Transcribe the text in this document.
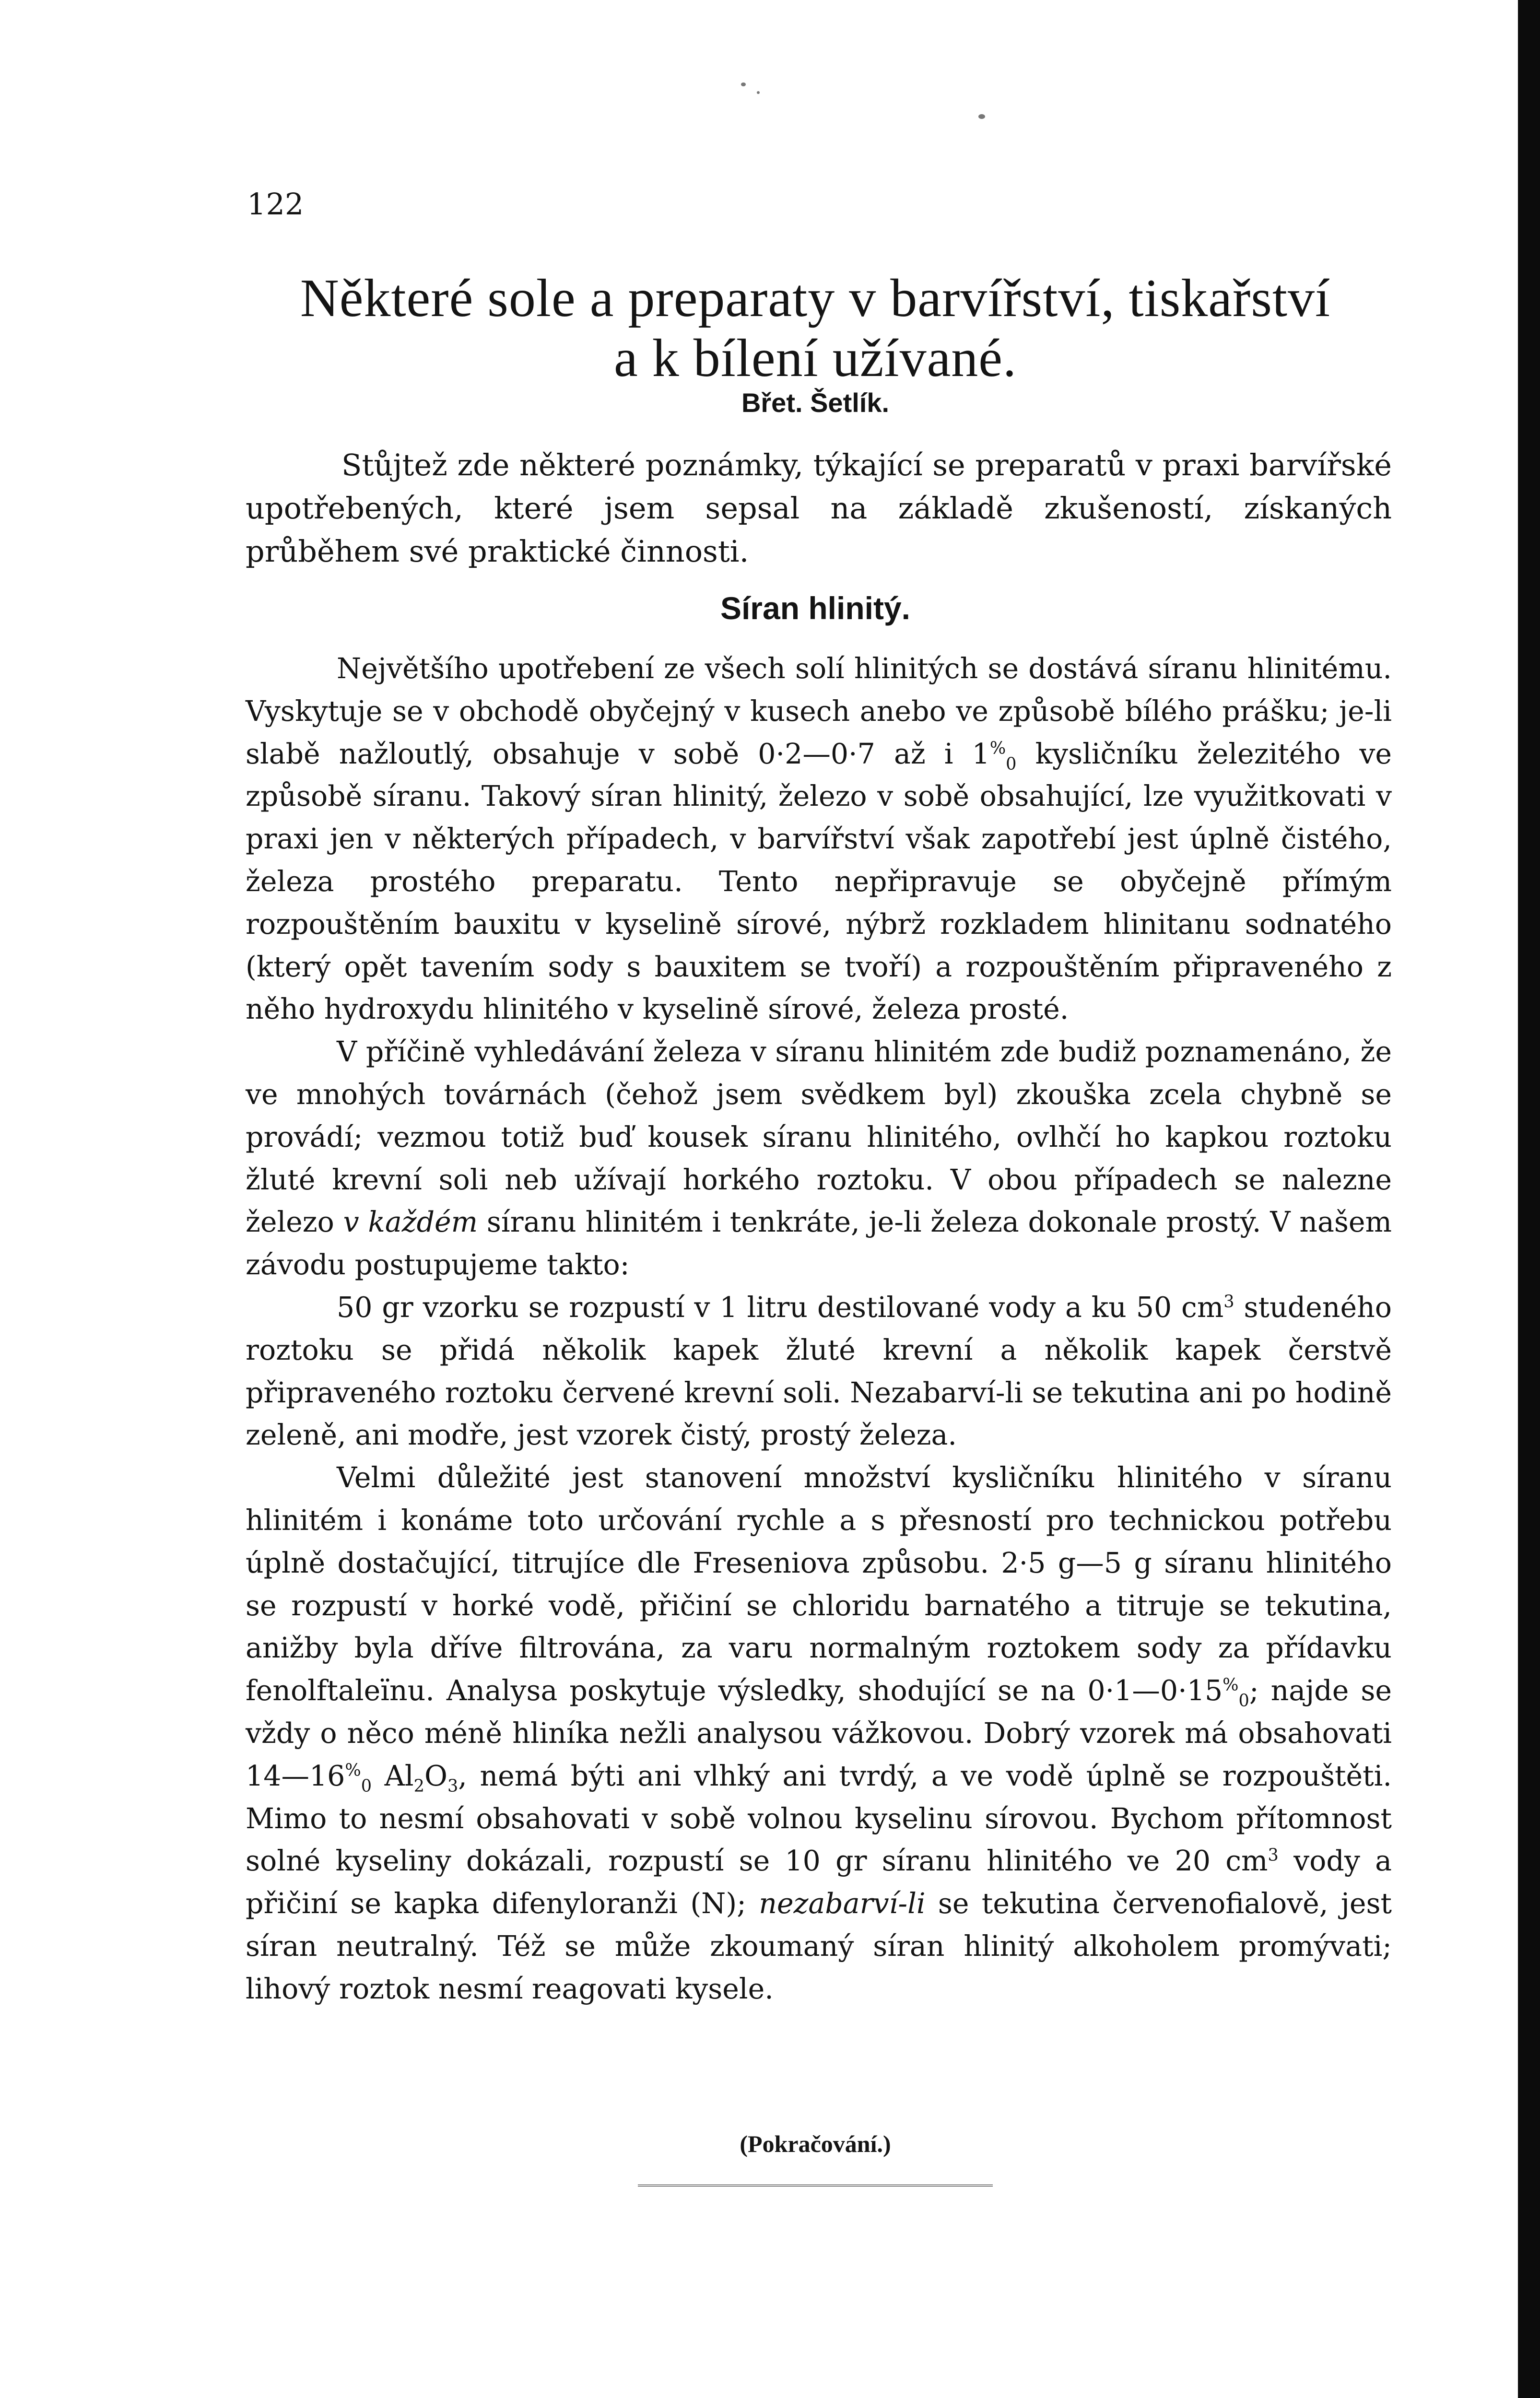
122
Některé sole a preparaty v barvířství, tiskařství
a k bílení užívané.
Břet. Šetlík.

Stůjtež zde některé poznámky, týkající se preparatů v praxi barvířské upotřebených, které jsem sepsal na základě zkušeností, získaných průběhem své praktické činnosti.

Síran hlinitý.

Největšího upotřebení ze všech solí hlinitých se dostává síranu hlinitému. Vyskytuje se v obchodě obyčejný v kusech anebo ve způsobě bílého prášku; je-li slabě nažloutlý, obsahuje v sobě 0·2—0·7 až i $1^{\%}_0$ kysličníku železitého ve způsobě síranu. Takový síran hlinitý, železo v sobě obsahující, lze využitkovati v praxi jen v některých případech, v barvířství však zapotřebí jest úplně čistého, železa prostého preparatu. Tento nepřipravuje se obyčejně přímým rozpouštěním bauxitu v kyselině sírové, nýbrž rozkladem hlinitanu sodnatého (který opět tavením sody s bauxitem se tvoří) a rozpouštěním připraveného z něho hydroxydu hlinitého v kyselině sírové, železa prosté.

V příčině vyhledávání železa v síranu hlinitém zde budiž poznamenáno, že ve mnohých továrnách (čehož jsem svědkem byl) zkouška zcela chybně se provádí; vezmou totiž buď kousek síranu hlinitého, ovlhčí ho kapkou roztoku žluté krevní soli neb užívají horkého roztoku. V obou případech se nalezne železo v každém síranu hlinitém i tenkráte, je-li železa dokonale prostý. V našem závodu postupujeme takto:

50 gr vzorku se rozpustí v 1 litru destilované vody a ku 50 $cm^3$ studeného roztoku se přidá několik kapek žluté krevní a několik kapek čerstvě připraveného roztoku červené krevní soli. Nezabarví-li se tekutina ani po hodině zeleně, ani modře, jest vzorek čistý, prostý železa.

Velmi důležité jest stanovení množství kysličníku hlinitého v síranu hlinitém i konáme toto určování rychle a s přesností pro technickou potřebu úplně dostačující, titrujíce dle Freseniova způsobu. 2·5 g—5 g síranu hlinitého se rozpustí v horké vodě, přičiní se chloridu barnatého a titruje se tekutina, anižby byla dříve filtrována, za varu normalným roztokem sody za přídavku fenolftaleïnu. Analysa poskytuje výsledky, shodující se na $0\cdot 1—0\cdot 15^{\%}_0$; najde se vždy o něco méně hliníka nežli analysou vážkovou. Dobrý vzorek má obsahovati $14—16^{\%}_0$ $Al_2O_3$, nemá býti ani vlhký ani tvrdý, a ve vodě úplně se rozpouštěti. Mimo to nesmí obsahovati v sobě volnou kyselinu sírovou. Bychom přítomnost solné kyseliny dokázali, rozpustí se 10 gr síranu hlinitého ve 20 $cm^3$ vody a přičiní se kapka difenyloranži (N); nezabarví-li se tekutina červenofialově, jest síran neutralný. Též se může zkoumaný síran hlinitý alkoholem promývati; lihový roztok nesmí reagovati kysele.

(Pokračování.)
